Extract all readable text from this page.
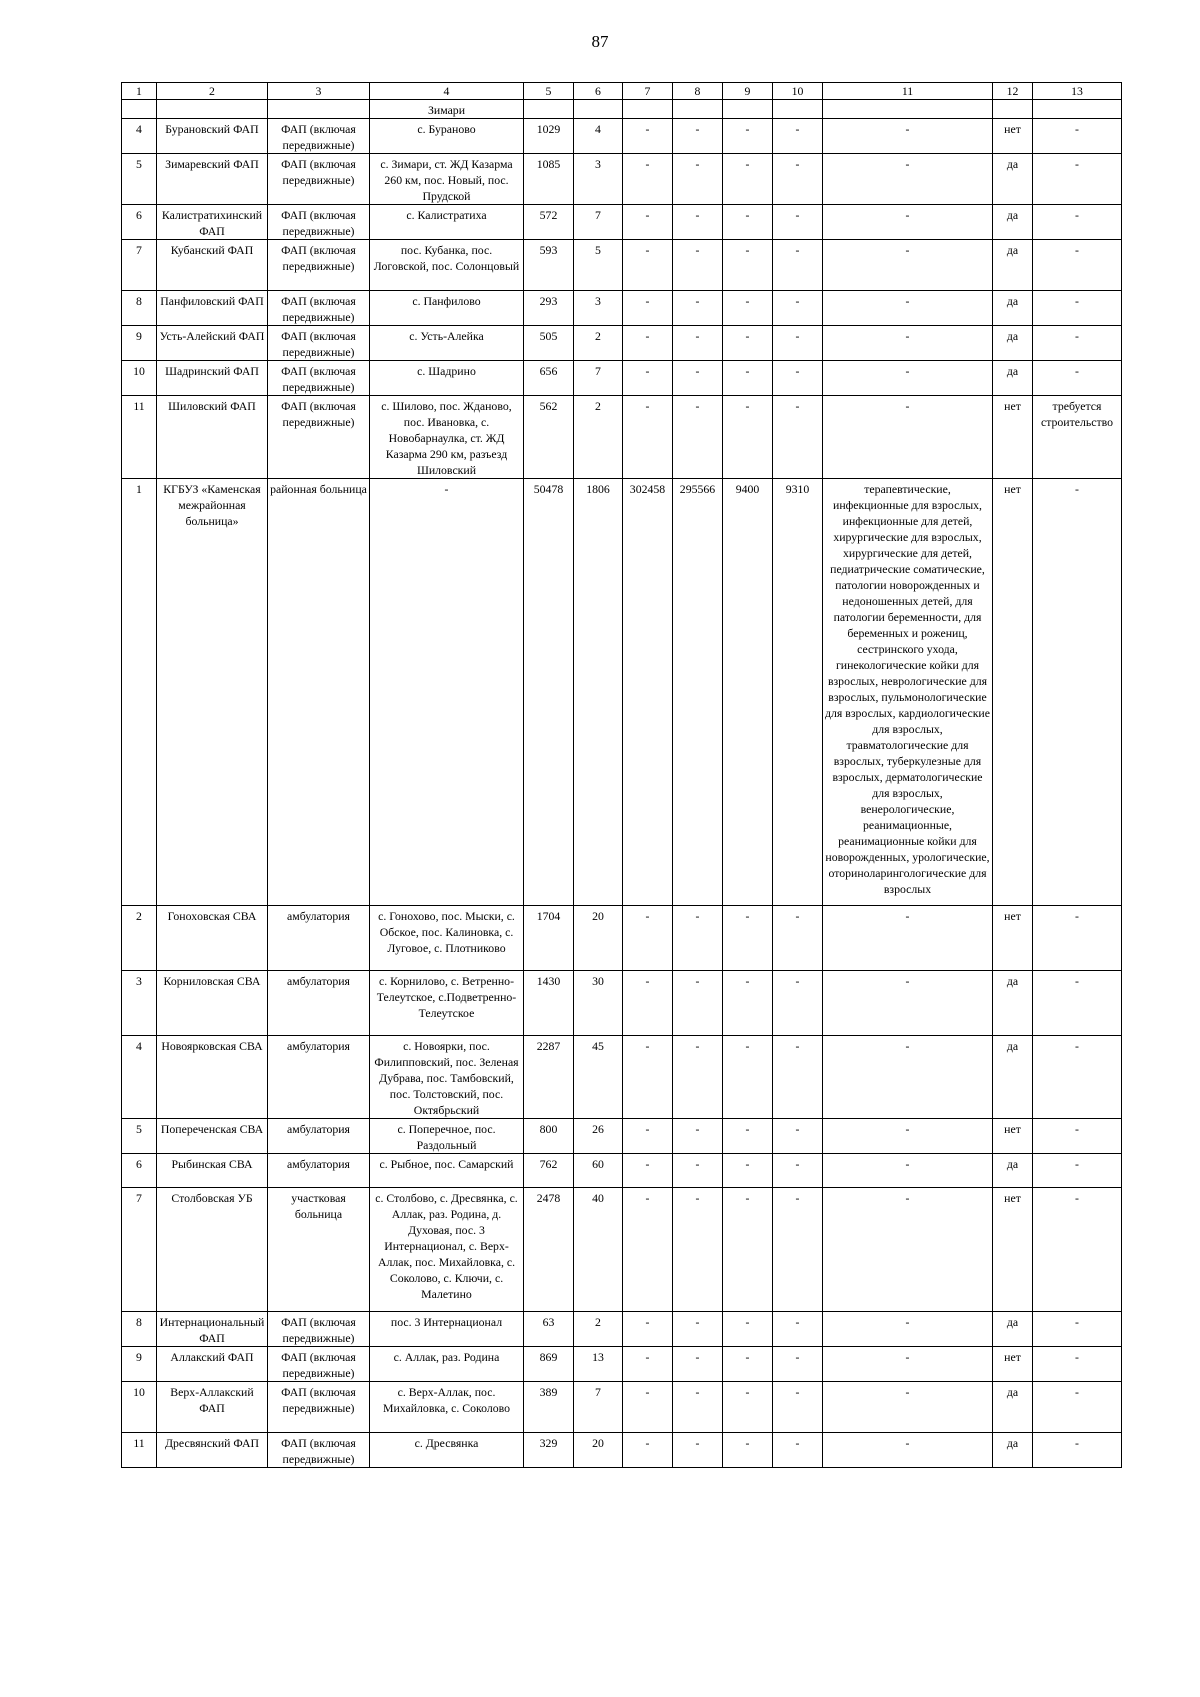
87
1	2	3	4	5	6	7	8	9	10	11	12	13
			Зимари									
4	Бурановский ФАП	ФАП (включая передвижные)	с. Бураново	1029	4	-	-	-	-	-	нет	-
5	Зимаревский ФАП	ФАП (включая передвижные)	с. Зимари, ст. ЖД Казарма 260 км, пос. Новый, пос. Прудской	1085	3	-	-	-	-	-	да	-
6	Калистратихинский ФАП	ФАП (включая передвижные)	с. Калистратиха	572	7	-	-	-	-	-	да	-
7	Кубанский ФАП	ФАП (включая передвижные)	пос. Кубанка, пос. Логовской, пос. Солонцовый	593	5	-	-	-	-	-	да	-
8	Панфиловский ФАП	ФАП (включая передвижные)	с. Панфилово	293	3	-	-	-	-	-	да	-
9	Усть-Алейский ФАП	ФАП (включая передвижные)	с. Усть-Алейка	505	2	-	-	-	-	-	да	-
10	Шадринский ФАП	ФАП (включая передвижные)	с. Шадрино	656	7	-	-	-	-	-	да	-
11	Шиловский ФАП	ФАП (включая передвижные)	с. Шилово, пос. Ждановo, пос. Ивановка, с. Новобарнаулка, ст. ЖД Казарма 290 км, разъезд Шиловский	562	2	-	-	-	-	-	нет	требуется строительство
1	КГБУЗ «Каменская межрайонная больница»	районная больница	-	50478	1806	302458	295566	9400	9310	терапевтические, инфекционные для взрослых, инфекционные для детей, хирургические для взрослых, хирургические для детей, педиатрические соматические, патологии новорожденных и недоношенных детей, для патологии беременности, для беременных и рожениц, сестринского ухода, гинекологические койки для взрослых, неврологические для взрослых, пульмонологические для взрослых, кардиологические для взрослых, травматологические для взрослых, туберкулезные для взрослых, дерматологические для взрослых, венерологические, реанимационные, реанимационные койки для новорожденных, урологические, оториноларингологические для взрослых	нет	-
2	Гонохoвская СВА	амбулатория	с. Гонохово, пос. Мыски, с. Обское, пос. Калиновка, с. Луговое, с. Плотниково	1704	20	-	-	-	-	-	нет	-
3	Корниловская СВА	амбулатория	с. Корнилово, с. Ветренно-Телеутское, с.Подветренно-Телеутское	1430	30	-	-	-	-	-	да	-
4	Новоярковская СВА	амбулатория	с. Новоярки, пос. Филипповский, пос. Зеленая Дубрава, пос. Тамбовский, пос. Толстовский, пос. Октябрьский	2287	45	-	-	-	-	-	да	-
5	Попереченская СВА	амбулатория	с. Поперечное, пос. Раздольный	800	26	-	-	-	-	-	нет	-
6	Рыбинская СВА	амбулатория	с. Рыбное, пос. Самарский	762	60	-	-	-	-	-	да	-
7	Столбовская УБ	участковая больница	с. Столбово, с. Дресвянка, с. Аллак, раз. Родина, д. Духовая, пос. 3 Интернационал, с. Верх-Аллак, пос. Михайловка, с. Соколово, с. Ключи, с. Малетино	2478	40	-	-	-	-	-	нет	-
8	Интернациональный ФАП	ФАП (включая передвижные)	пос. 3 Интернационал	63	2	-	-	-	-	-	да	-
9	Аллакский ФАП	ФАП (включая передвижные)	с. Аллак, раз. Родина	869	13	-	-	-	-	-	нет	-
10	Верх-Аллакский ФАП	ФАП (включая передвижные)	с. Верх-Аллак, пос. Михайловка, с. Соколово	389	7	-	-	-	-	-	да	-
11	Дресвянский ФАП	ФАП (включая передвижные)	с. Дресвянка	329	20	-	-	-	-	-	да	-
